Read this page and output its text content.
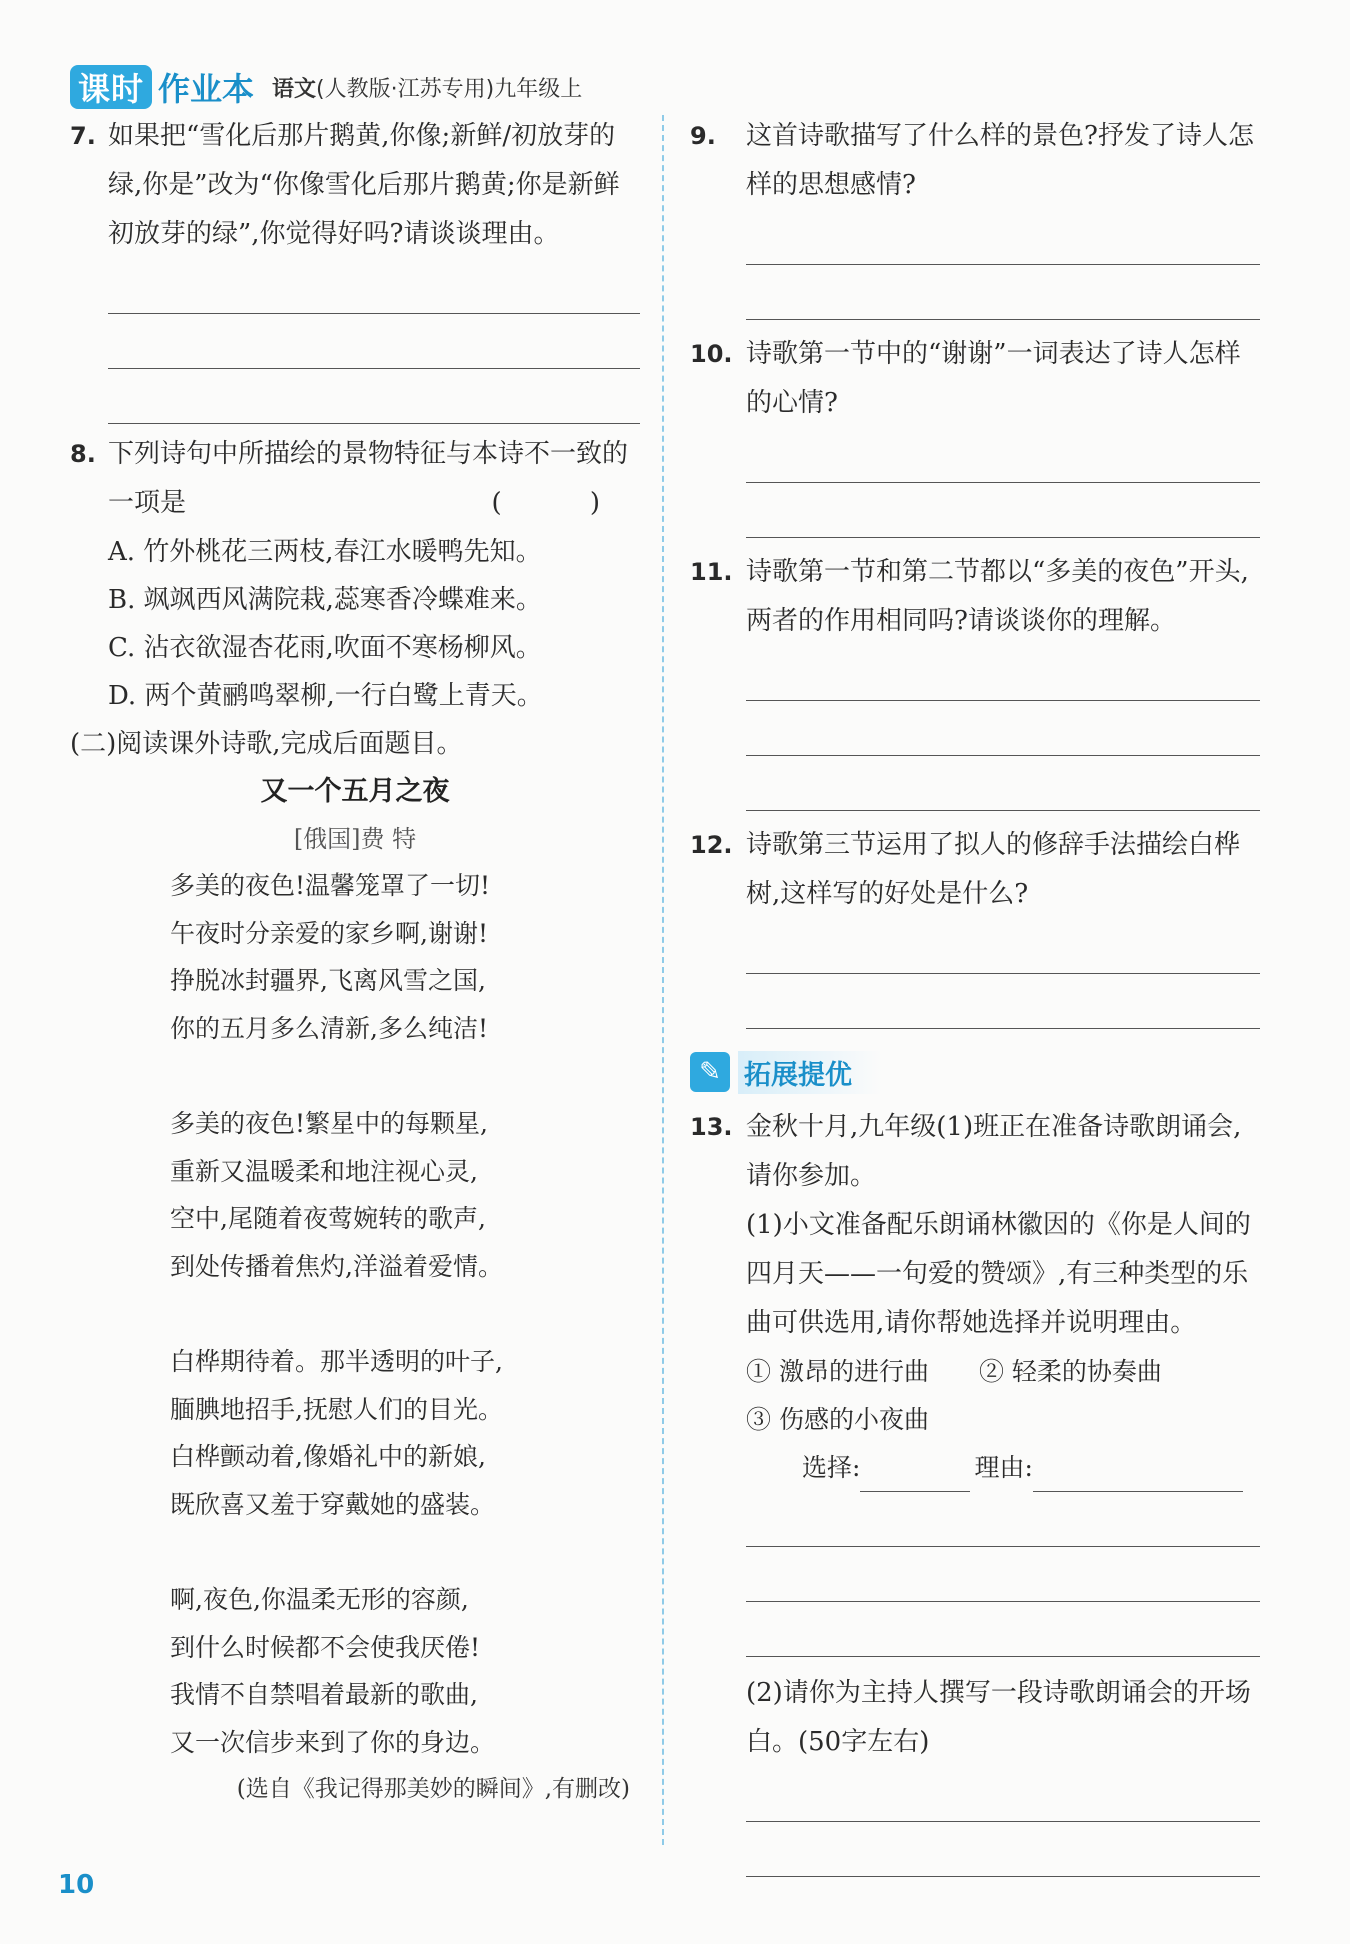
课时 作业本 语文(人教版·江苏专用)九年级上
7. 如果把“雪化后那片鹅黄,你像;新鲜/初放芽的绿,你是”改为“你像雪化后那片鹅黄;你是新鲜初放芽的绿”,你觉得好吗?请谈谈理由。
8. 下列诗句中所描绘的景物特征与本诗不一致的一项是	( )
A. 竹外桃花三两枝,春江水暖鸭先知。
B. 飒飒西风满院栽,蕊寒香冷蝶难来。
C. 沾衣欲湿杏花雨,吹面不寒杨柳风。
D. 两个黄鹂鸣翠柳,一行白鹭上青天。
(二)阅读课外诗歌,完成后面题目。
又一个五月之夜
[俄国]费 特
多美的夜色!温馨笼罩了一切!
午夜时分亲爱的家乡啊,谢谢!
挣脱冰封疆界,飞离风雪之国,
你的五月多么清新,多么纯洁!
多美的夜色!繁星中的每颗星,
重新又温暖柔和地注视心灵,
空中,尾随着夜莺婉转的歌声,
到处传播着焦灼,洋溢着爱情。
白桦期待着。那半透明的叶子,
腼腆地招手,抚慰人们的目光。
白桦颤动着,像婚礼中的新娘,
既欣喜又羞于穿戴她的盛装。
啊,夜色,你温柔无形的容颜,
到什么时候都不会使我厌倦!
我情不自禁唱着最新的歌曲,
又一次信步来到了你的身边。
(选自《我记得那美妙的瞬间》,有删改)
9.	这首诗歌描写了什么样的景色?抒发了诗人怎样的思想感情?
10. 诗歌第一节中的“谢谢”一词表达了诗人怎样的心情?
11. 诗歌第一节和第二节都以“多美的夜色”开头,两者的作用相同吗?请谈谈你的理解。
12. 诗歌第三节运用了拟人的修辞手法描绘白桦树,这样写的好处是什么?
✎ 拓展提优
13. 金秋十月,九年级(1)班正在准备诗歌朗诵会,请你参加。
(1)小文准备配乐朗诵林徽因的《你是人间的四月天——一句爱的赞颂》,有三种类型的乐曲可供选用,请你帮她选择并说明理由。
① 激昂的进行曲 ② 轻柔的协奏曲
③ 伤感的小夜曲
选择:	理由:
(2)请你为主持人撰写一段诗歌朗诵会的开场白。(50字左右)
10
